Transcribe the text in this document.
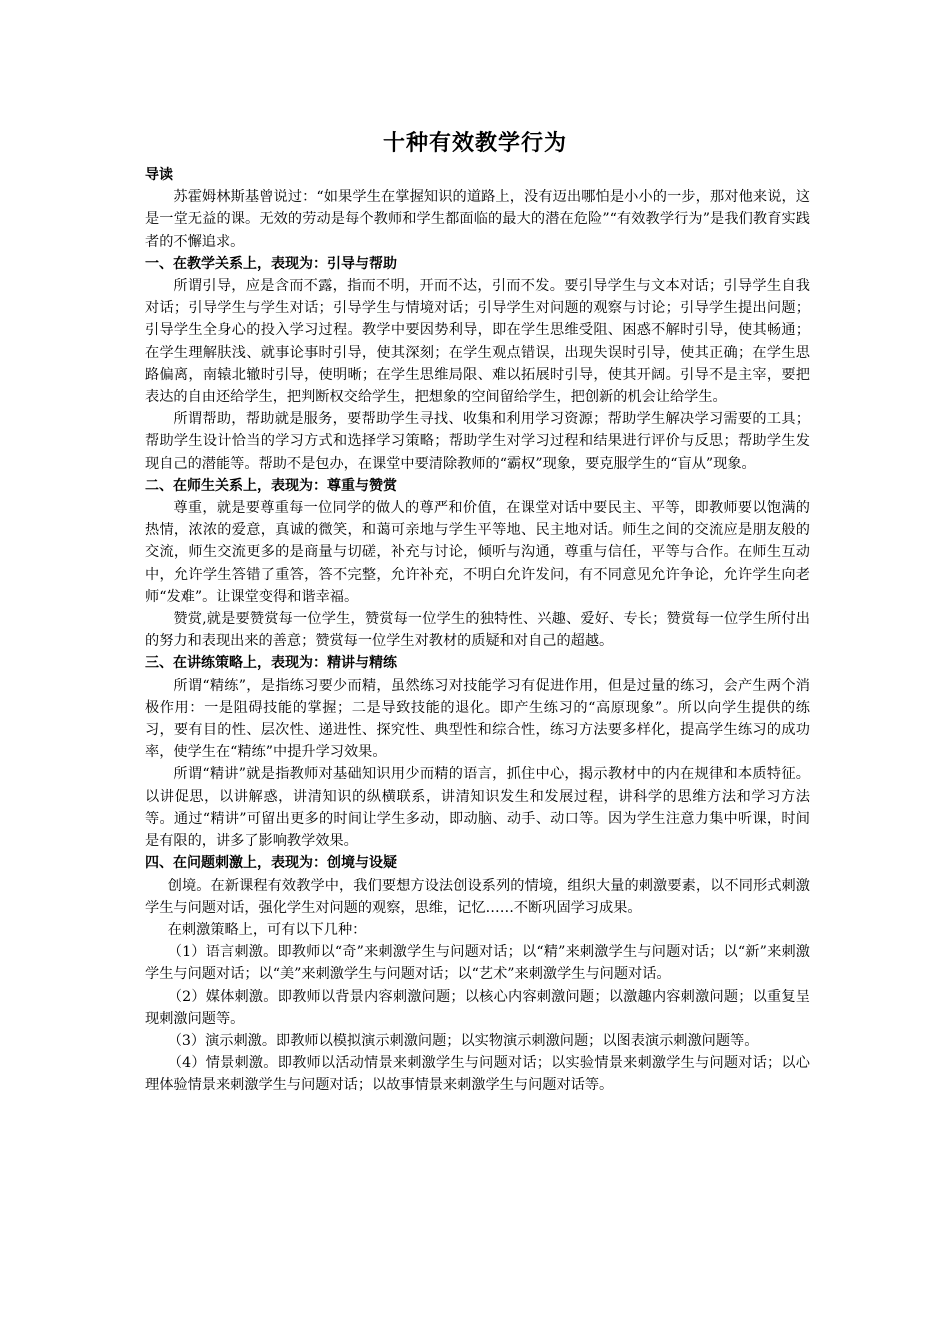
十种有效教学行为

导读

苏霍姆林斯基曾说过：“如果学生在掌握知识的道路上，没有迈出哪怕是小小的一步，那对他来说，这是一堂无益的课。无效的劳动是每个教师和学生都面临的最大的潜在危险”“有效教学行为”是我们教育实践者的不懈追求。

一、在教学关系上，表现为：引导与帮助

所谓引导，应是含而不露，指而不明，开而不达，引而不发。要引导学生与文本对话；引导学生自我对话；引导学生与学生对话；引导学生与情境对话；引导学生对问题的观察与讨论；引导学生提出问题；引导学生全身心的投入学习过程。教学中要因势利导，即在学生思维受阻、困惑不解时引导，使其畅通；在学生理解肤浅、就事论事时引导，使其深刻；在学生观点错误，出现失误时引导，使其正确；在学生思路偏离，南辕北辙时引导，使明晰；在学生思维局限、难以拓展时引导，使其开阔。引导不是主宰，要把表达的自由还给学生，把判断权交给学生，把想象的空间留给学生，把创新的机会让给学生。

所谓帮助，帮助就是服务，要帮助学生寻找、收集和利用学习资源；帮助学生解决学习需要的工具；帮助学生设计恰当的学习方式和选择学习策略；帮助学生对学习过程和结果进行评价与反思；帮助学生发现自己的潜能等。帮助不是包办，在课堂中要清除教师的“霸权”现象，要克服学生的“盲从”现象。

二、在师生关系上，表现为：尊重与赞赏

尊重，就是要尊重每一位同学的做人的尊严和价值，在课堂对话中要民主、平等，即教师要以饱满的热情，浓浓的爱意，真诚的微笑，和蔼可亲地与学生平等地、民主地对话。师生之间的交流应是朋友般的交流，师生交流更多的是商量与切磋，补充与讨论，倾听与沟通，尊重与信任，平等与合作。在师生互动中，允许学生答错了重答，答不完整，允许补充，不明白允许发问，有不同意见允许争论，允许学生向老师“发难”。让课堂变得和谐幸福。

赞赏,就是要赞赏每一位学生，赞赏每一位学生的独特性、兴趣、爱好、专长；赞赏每一位学生所付出的努力和表现出来的善意；赞赏每一位学生对教材的质疑和对自己的超越。

三、在讲练策略上，表现为：精讲与精练

所谓“精练”，是指练习要少而精，虽然练习对技能学习有促进作用，但是过量的练习，会产生两个消极作用：一是阻碍技能的掌握；二是导致技能的退化。即产生练习的“高原现象”。所以向学生提供的练习，要有目的性、层次性、递进性、探究性、典型性和综合性，练习方法要多样化，提高学生练习的成功率，使学生在“精练”中提升学习效果。

所谓“精讲”就是指教师对基础知识用少而精的语言，抓住中心，揭示教材中的内在规律和本质特征。以讲促思，以讲解惑，讲清知识的纵横联系，讲清知识发生和发展过程，讲科学的思维方法和学习方法等。通过“精讲”可留出更多的时间让学生多动，即动脑、动手、动口等。因为学生注意力集中听课，时间是有限的，讲多了影响教学效果。

四、在问题刺激上，表现为：创境与设疑

创境。在新课程有效教学中，我们要想方设法创设系列的情境，组织大量的刺激要素，以不同形式刺激学生与问题对话，强化学生对问题的观察，思维，记忆……不断巩固学习成果。

在刺激策略上，可有以下几种：

（1）语言刺激。即教师以“奇”来刺激学生与问题对话；以“精”来刺激学生与问题对话；以“新”来刺激学生与问题对话；以“美”来刺激学生与问题对话；以“艺术”来刺激学生与问题对话。

（2）媒体刺激。即教师以背景内容刺激问题；以核心内容刺激问题；以激趣内容刺激问题；以重复呈现刺激问题等。

（3）演示刺激。即教师以模拟演示刺激问题；以实物演示刺激问题；以图表演示刺激问题等。

（4）情景刺激。即教师以活动情景来刺激学生与问题对话；以实验情景来刺激学生与问题对话；以心理体验情景来刺激学生与问题对话；以故事情景来刺激学生与问题对话等。
